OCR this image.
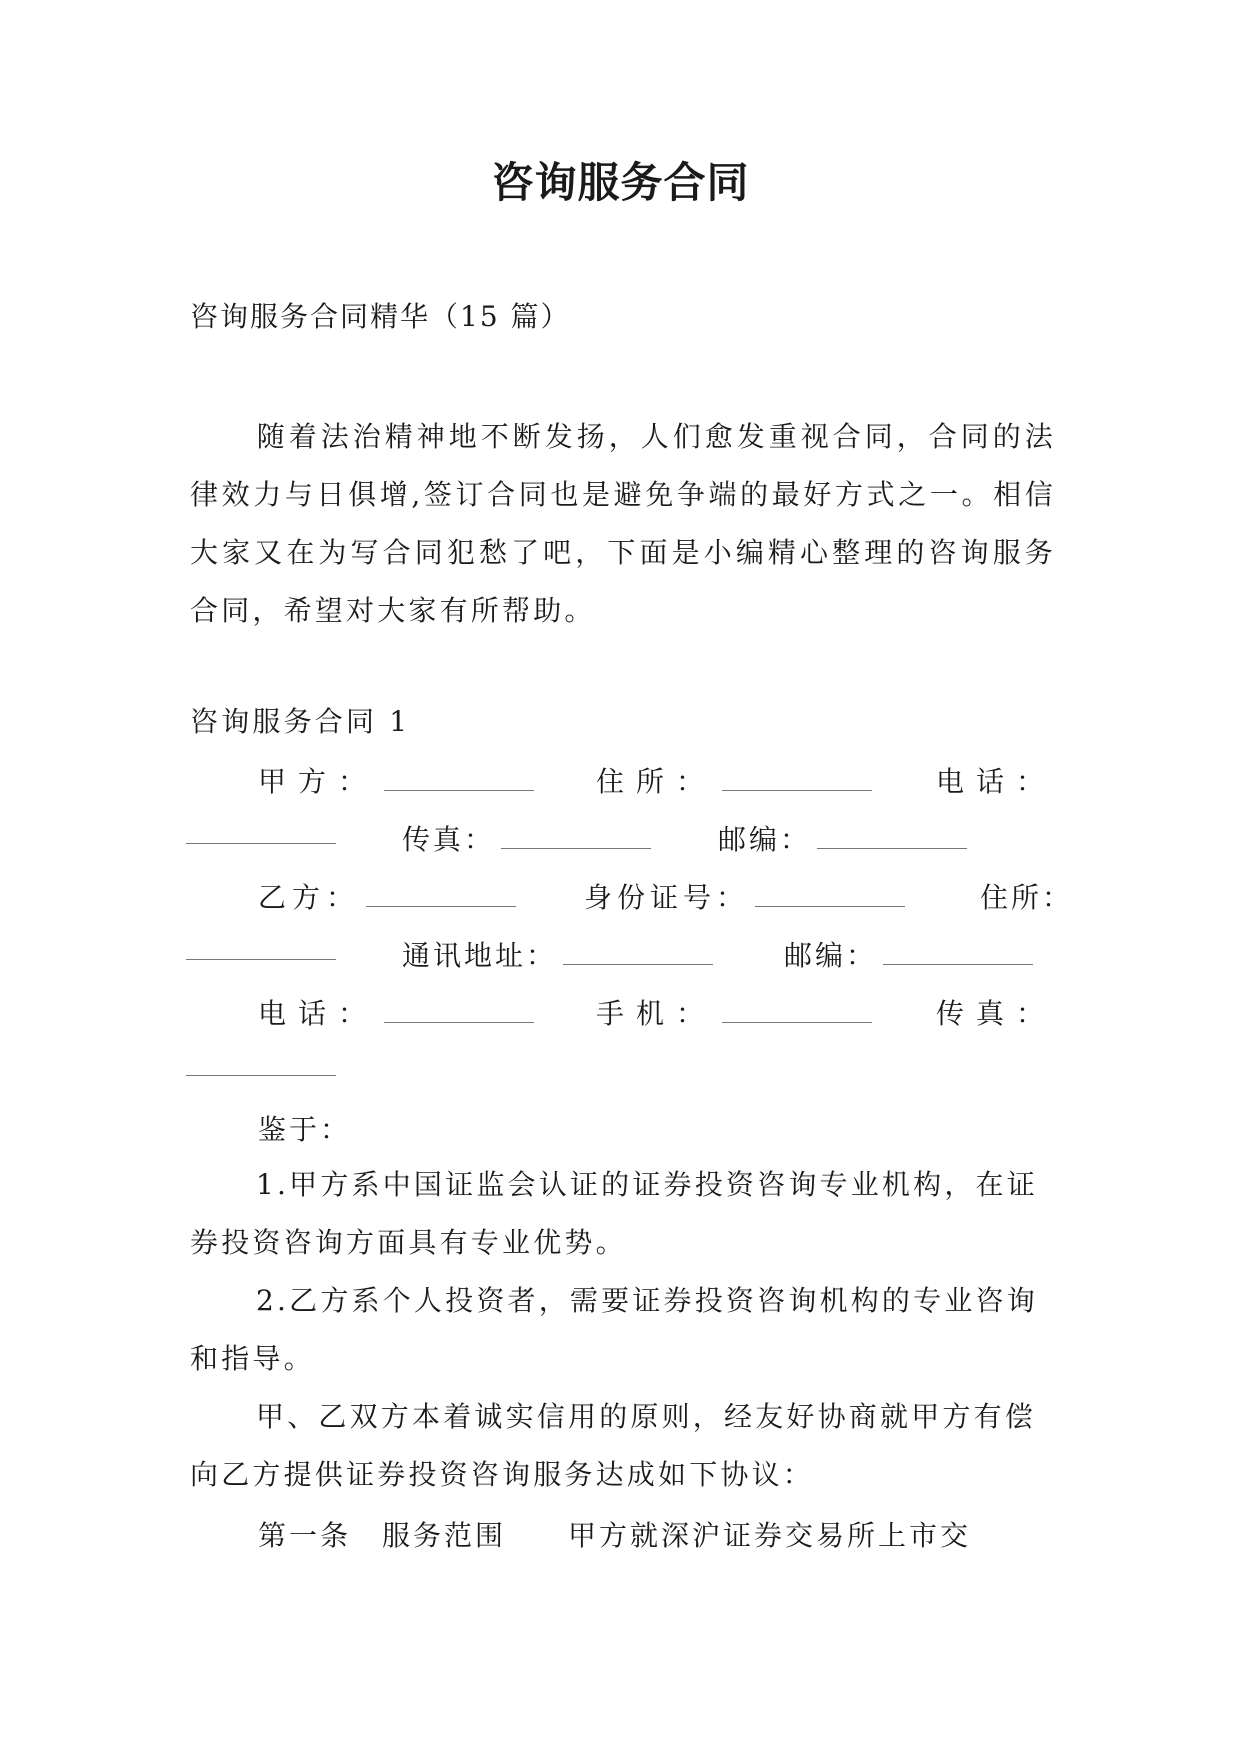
咨询服务合同
咨询服务合同精华（15 篇）
随着法治精神地不断发扬，人们愈发重视合同，合同的法律效力与日俱增,签订合同也是避免争端的最好方式之一。相信大家又在为写合同犯愁了吧，下面是小编精心整理的咨询服务合同，希望对大家有所帮助。
咨询服务合同 1
甲方：	住所：	电话：
传真：	邮编：
乙方：	身份证号：	住所：
通讯地址：	邮编：
电话：	手机：	传真：
鉴于：
1.甲方系中国证监会认证的证券投资咨询专业机构，在证券投资咨询方面具有专业优势。
2.乙方系个人投资者，需要证券投资咨询机构的专业咨询和指导。
甲、乙双方本着诚实信用的原则，经友好协商就甲方有偿向乙方提供证券投资咨询服务达成如下协议：
第一条　服务范围　　甲方就深沪证券交易所上市交
